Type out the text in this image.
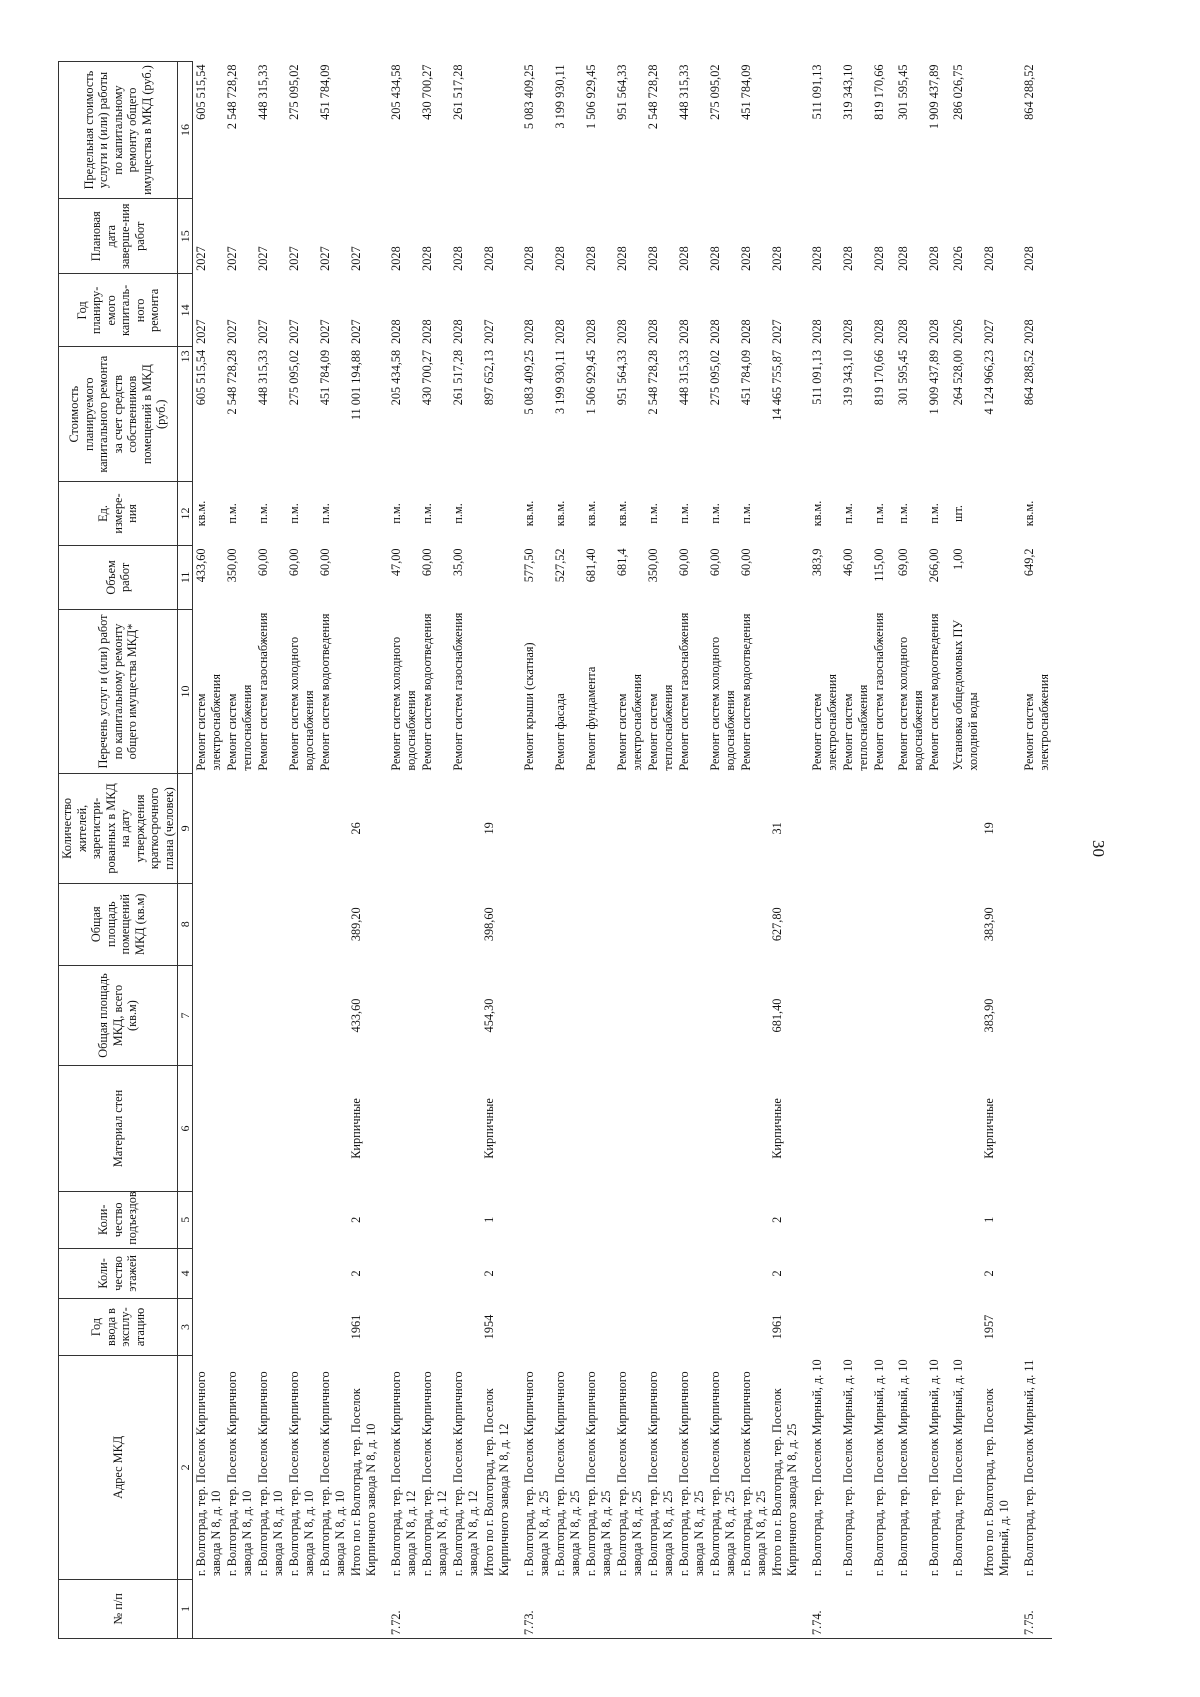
30
№ п/п	Адрес МКД	Год ввода в эксплу-атацию	Коли-чество этажей	Коли-чество подъездов	Материал стен	Общая площадь МКД, всего (кв.м)	Общая площадь помещений МКД (кв.м)	Количество жителей, зарегистри-рованных в МКД на дату утверждения краткосрочного плана (человек)	Перечень услуг и (или) работ по капитальному ремонту общего имущества МКД*	Объем работ	Ед. измере-ния	Стоимость планируемого капитального ремонта за счет средств собственников помещений в МКД (руб.)	Год планиру-емого капиталь-ного ремонта	Плановая дата заверше-ния работ	Предельная стоимость услуги и (или) работы по капитальному ремонту общего имущества в МКД (руб.)
1	2	3	4	5	6	7	8	9	10	11	12	13	14	15	16
	г. Волгоград, тер. Поселок Кирпичного завода N 8, д. 10								Ремонт систем электроснабжения	433,60	кв.м.	605 515,54	2027	2027	605 515,54
	г. Волгоград, тер. Поселок Кирпичного завода N 8, д. 10								Ремонт систем теплоснабжения	350,00	п.м.	2 548 728,28	2027	2027	2 548 728,28
	г. Волгоград, тер. Поселок Кирпичного завода N 8, д. 10								Ремонт систем газоснабжения	60,00	п.м.	448 315,33	2027	2027	448 315,33
	г. Волгоград, тер. Поселок Кирпичного завода N 8, д. 10								Ремонт систем холодного водоснабжения	60,00	п.м.	275 095,02	2027	2027	275 095,02
	г. Волгоград, тер. Поселок Кирпичного завода N 8, д. 10								Ремонт систем водоотведения	60,00	п.м.	451 784,09	2027	2027	451 784,09
	Итого по г. Волгоград, тер. Поселок Кирпичного завода N 8, д. 10	1961	2	2	Кирпичные	433,60	389,20	26				11 001 194,88	2027	2027	
7.72.	г. Волгоград, тер. Поселок Кирпичного завода N 8, д. 12								Ремонт систем холодного водоснабжения	47,00	п.м.	205 434,58	2028	2028	205 434,58
	г. Волгоград, тер. Поселок Кирпичного завода N 8, д. 12								Ремонт систем водоотведения	60,00	п.м.	430 700,27	2028	2028	430 700,27
	г. Волгоград, тер. Поселок Кирпичного завода N 8, д. 12								Ремонт систем газоснабжения	35,00	п.м.	261 517,28	2028	2028	261 517,28
	Итого по г. Волгоград, тер. Поселок Кирпичного завода N 8, д. 12	1954	2	1	Кирпичные	454,30	398,60	19				897 652,13	2027	2028	
7.73.	г. Волгоград, тер. Поселок Кирпичного завода N 8, д. 25								Ремонт крыши (скатная)	577,50	кв.м.	5 083 409,25	2028	2028	5 083 409,25
	г. Волгоград, тер. Поселок Кирпичного завода N 8, д. 25								Ремонт фасада	527,52	кв.м.	3 199 930,11	2028	2028	3 199 930,11
	г. Волгоград, тер. Поселок Кирпичного завода N 8, д. 25								Ремонт фундамента	681,40	кв.м.	1 506 929,45	2028	2028	1 506 929,45
	г. Волгоград, тер. Поселок Кирпичного завода N 8, д. 25								Ремонт систем электроснабжения	681,4	кв.м.	951 564,33	2028	2028	951 564,33
	г. Волгоград, тер. Поселок Кирпичного завода N 8, д. 25								Ремонт систем теплоснабжения	350,00	п.м.	2 548 728,28	2028	2028	2 548 728,28
	г. Волгоград, тер. Поселок Кирпичного завода N 8, д. 25								Ремонт систем газоснабжения	60,00	п.м.	448 315,33	2028	2028	448 315,33
	г. Волгоград, тер. Поселок Кирпичного завода N 8, д. 25								Ремонт систем холодного водоснабжения	60,00	п.м.	275 095,02	2028	2028	275 095,02
	г. Волгоград, тер. Поселок Кирпичного завода N 8, д. 25								Ремонт систем водоотведения	60,00	п.м.	451 784,09	2028	2028	451 784,09
	Итого по г. Волгоград, тер. Поселок Кирпичного завода N 8, д. 25	1961	2	2	Кирпичные	681,40	627,80	31				14 465 755,87	2027	2028	
7.74.	г. Волгоград, тер. Поселок Мирный, д. 10								Ремонт систем электроснабжения	383,9	кв.м.	511 091,13	2028	2028	511 091,13
	г. Волгоград, тер. Поселок Мирный, д. 10								Ремонт систем теплоснабжения	46,00	п.м.	319 343,10	2028	2028	319 343,10
	г. Волгоград, тер. Поселок Мирный, д. 10								Ремонт систем газоснабжения	115,00	п.м.	819 170,66	2028	2028	819 170,66
	г. Волгоград, тер. Поселок Мирный, д. 10								Ремонт систем холодного водоснабжения	69,00	п.м.	301 595,45	2028	2028	301 595,45
	г. Волгоград, тер. Поселок Мирный, д. 10								Ремонт систем водоотведения	266,00	п.м.	1 909 437,89	2028	2028	1 909 437,89
	г. Волгоград, тер. Поселок Мирный, д. 10								Установка общедомовых ПУ холодной воды	1,00	шт.	264 528,00	2026	2026	286 026,75
	Итого по г. Волгоград, тер. Поселок Мирный, д. 10	1957	2	1	Кирпичные	383,90	383,90	19				4 124 966,23	2027	2028	
7.75.	г. Волгоград, тер. Поселок Мирный, д. 11								Ремонт систем электроснабжения	649,2	кв.м.	864 288,52	2028	2028	864 288,52
